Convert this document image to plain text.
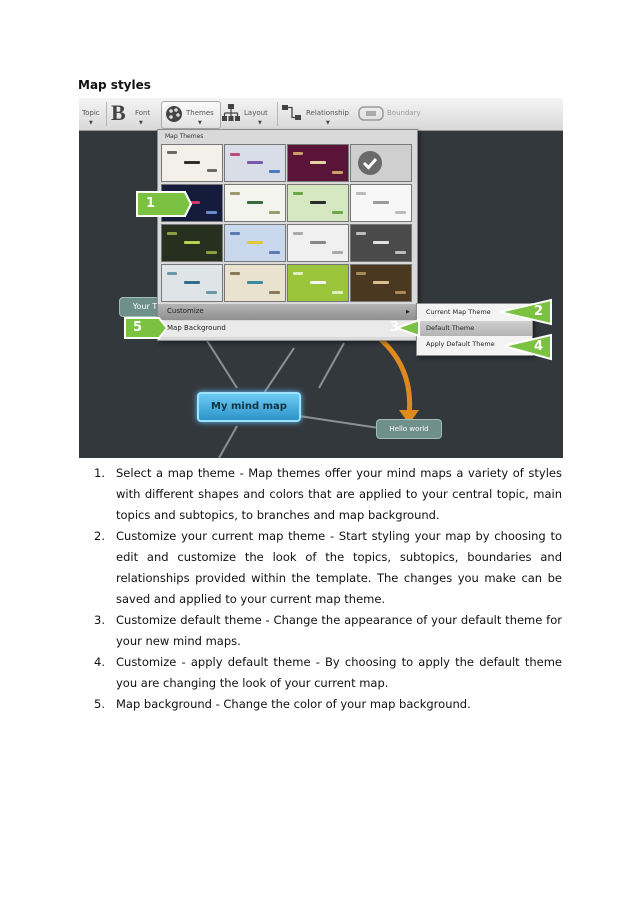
Map styles
Your T
My mind map
Hello world
Topic
▼ B Font
▼
Themes
▼
Layout
▼
Relationship
▼
Boundary
Map Themes
Customize	▶
Map Background
Current Map Theme
Default Theme
Apply Default Theme
1
2
3
4
5
1. Select a map theme - Map themes offer your mind maps a variety of styles with different shapes and colors that are applied to your central topic, main topics and subtopics, to branches and map background.
2. Customize your current map theme - Start styling your map by choosing to edit and customize the look of the topics, subtopics, boundaries and relationships provided within the template. The changes you make can be saved and applied to your current map theme.
3. Customize default theme - Change the appearance of your default theme for your new mind maps.
4. Customize - apply default theme - By choosing to apply the default theme you are changing the look of your current map.
5. Map background - Change the color of your map background.
